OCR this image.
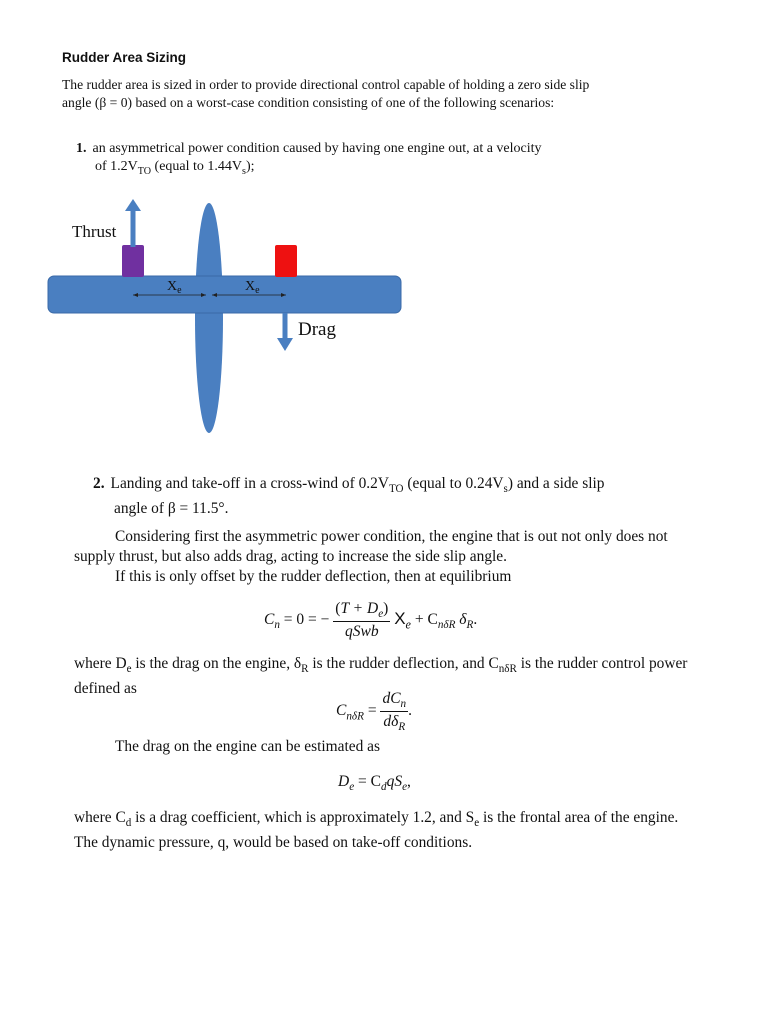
Rudder Area Sizing
The rudder area is sized in order to provide directional control capable of holding a zero side slip angle (β = 0) based on a worst-case condition consisting of one of the following scenarios:
1. an asymmetrical power condition caused by having one engine out, at a velocity
of $1.2V_{TO}$ (equal to $1.44V_s$);
Thrust
Drag
$X_e$	$X_e$
2. Landing and take-off in a cross-wind of $0.2V_{TO}$ (equal to $0.24V_s$) and a side slip
angle of β = 11.5°.
Considering first the asymmetric power condition, the engine that is out not only does not supply thrust, but also adds drag, acting to increase the side slip angle.
If this is only offset by the rudder deflection, then at equilibrium
$C_n = 0$ = −
$(T + D_e)$
qSwb
$X_e + C_{n\delta R}$ $\delta_R$.
where $D_e$ is the drag on the engine, $\delta_R$ is the rudder deflection, and $C_{n\delta R}$ is the rudder control power defined as
$C_{n\delta R}$ =
$dC_n$
$d\delta_R$
.
The drag on the engine can be estimated as
$D_e = C_dqS_e$,
where $C_d$ is a drag coefficient, which is approximately 1.2, and $S_e$ is the frontal area of the engine. The dynamic pressure, q, would be based on take-off conditions.
